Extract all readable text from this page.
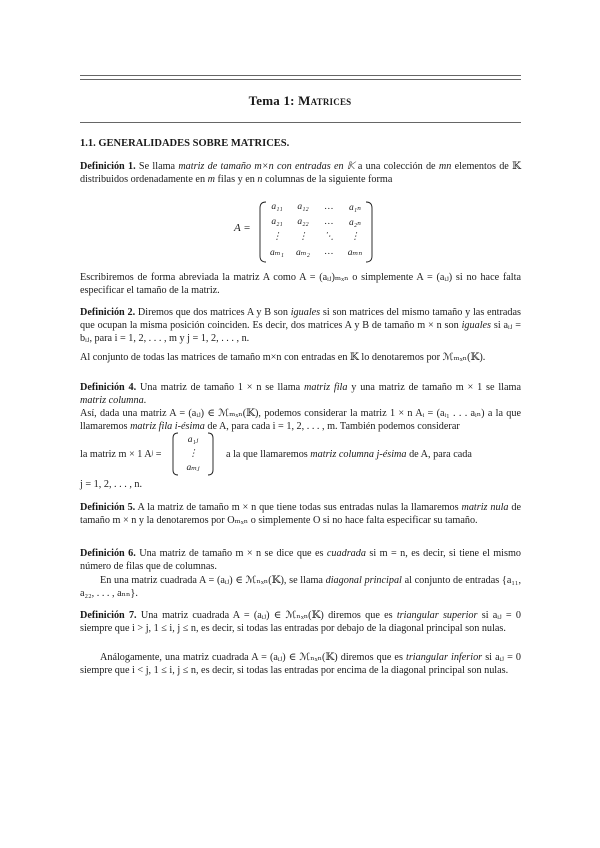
Tema 1: Matrices
1.1. GENERALIDADES SOBRE MATRICES.
Definición 1. Se llama matriz de tamaño m×n con entradas en 𝕂 a una colección de mn elementos de 𝕂 distribuidos ordenadamente en m filas y en n columnas de la siguiente forma
A =
a₁₁	a₁₂	…	a₁ₙ
a₂₁	a₂₂	…	a₂ₙ
⋮	⋮	⋱	⋮
aₘ₁	aₘ₂	…	aₘₙ
Escribiremos de forma abreviada la matriz A como A = (aᵢⱼ)ₘₓₙ o simplemente A = (aᵢⱼ) si no hace falta especificar el tamaño de la matriz.
Definición 2. Diremos que dos matrices A y B son iguales si son matrices del mismo tamaño y las entradas que ocupan la misma posición coinciden. Es decir, dos matrices A y B de tamaño m × n son iguales si aᵢⱼ = bᵢⱼ, para i = 1, 2, . . . , m y j = 1, 2, . . . , n.
Al conjunto de todas las matrices de tamaño m×n con entradas en 𝕂 lo denotaremos por ℳₘₓₙ(𝕂).
Definición 4. Una matriz de tamaño 1 × n se llama matriz fila y una matriz de tamaño m × 1 se llama matriz columna.
Así, dada una matriz A = (aᵢⱼ) ∈ ℳₘₓₙ(𝕂), podemos considerar la matriz 1 × n Aᵢ = (aᵢ₁ . . . aᵢₙ) a la que llamaremos matriz fila i-ésima de A, para cada i = 1, 2, . . . , m. También podemos considerar
la matriz m × 1 Aʲ =
a₁ⱼ
⋮
aₘⱼ
a la que llamaremos matriz columna j-ésima de A, para cada
j = 1, 2, . . . , n.
Definición 5. A la matriz de tamaño m × n que tiene todas sus entradas nulas la llamaremos matriz nula de tamaño m × n y la denotaremos por Oₘₓₙ o simplemente O si no hace falta especificar su tamaño.
Definición 6. Una matriz de tamaño m × n se dice que es cuadrada si m = n, es decir, si tiene el mismo número de filas que de columnas.
En una matriz cuadrada A = (aᵢⱼ) ∈ ℳₙₓₙ(𝕂), se llama diagonal principal al conjunto de entradas {a₁₁, a₂₂, . . . , aₙₙ}.
Definición 7. Una matriz cuadrada A = (aᵢⱼ) ∈ ℳₙₓₙ(𝕂) diremos que es triangular superior si aᵢⱼ = 0 siempre que i > j, 1 ≤ i, j ≤ n, es decir, si todas las entradas por debajo de la diagonal principal son nulas.
Análogamente, una matriz cuadrada A = (aᵢⱼ) ∈ ℳₙₓₙ(𝕂) diremos que es triangular inferior si aᵢⱼ = 0 siempre que i < j, 1 ≤ i, j ≤ n, es decir, si todas las entradas por encima de la diagonal principal son nulas.
